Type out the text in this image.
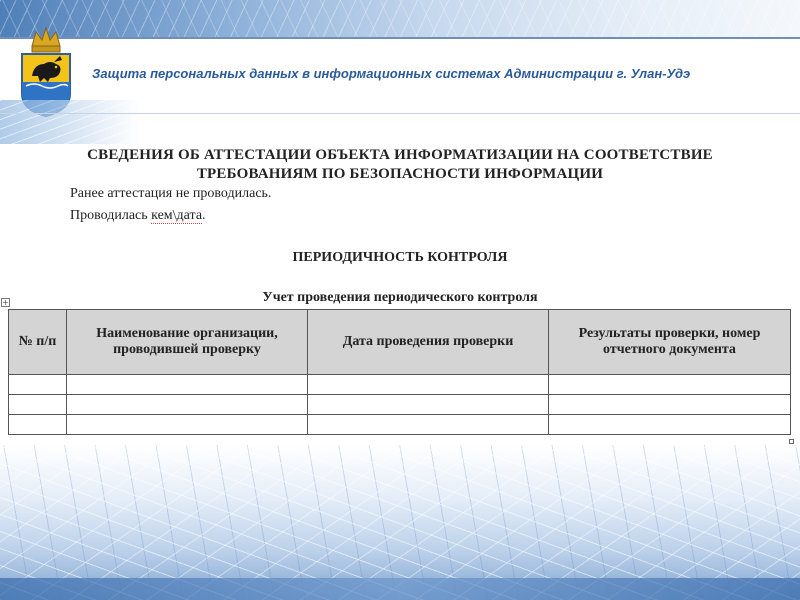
Защита персональных данных в информационных системах Администрации г. Улан-Удэ
СВЕДЕНИЯ ОБ АТТЕСТАЦИИ ОБЪЕКТА ИНФОРМАТИЗАЦИИ НА СООТВЕТСТВИЕ
ТРЕБОВАНИЯМ ПО БЕЗОПАСНОСТИ ИНФОРМАЦИИ
Ранее аттестация не проводилась.
Проводилась кем\дата.
ПЕРИОДИЧНОСТЬ КОНТРОЛЯ
Учет проведения периодического контроля
+
№ п/п	Наименование организации, проводившей проверку	Дата проведения проверки	Результаты проверки, номер отчетного документа
